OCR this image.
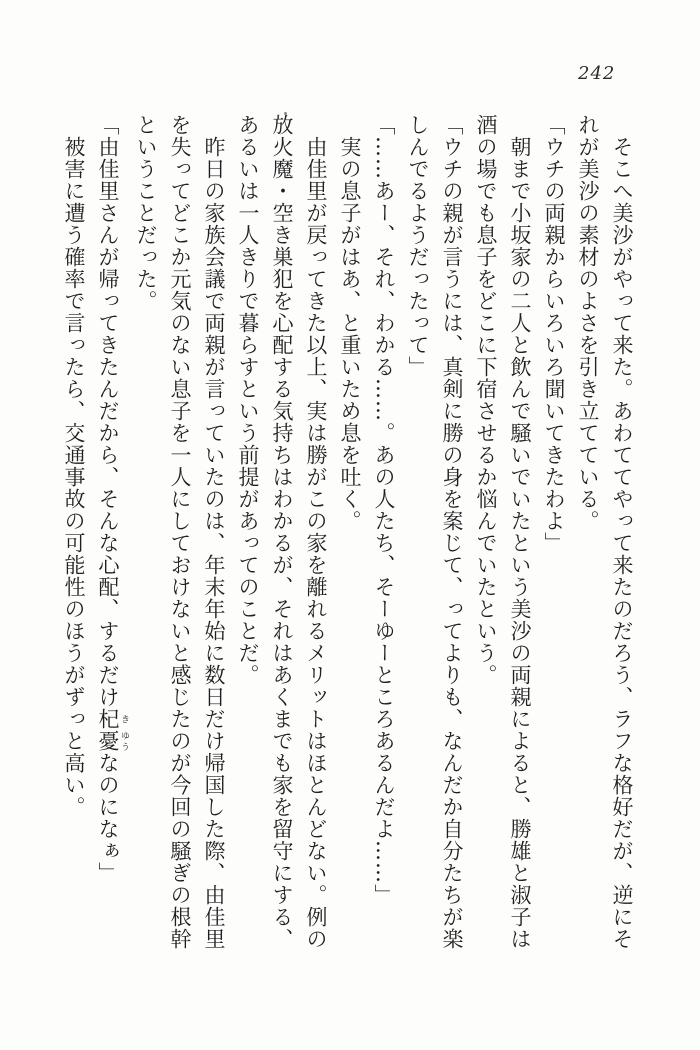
242

そこへ美沙がやって来た。あわててやって来たのだろう、ラフな格好だが、逆にそれが美沙の素材のよさを引き立てている。

「ウチの両親からいろいろ聞いてきたわよ」

朝まで小坂家の二人と飲んで騒いでいたという美沙の両親によると、勝雄と淑子は酒の場でも息子をどこに下宿させるか悩んでいたという。

「ウチの親が言うには、真剣に勝の身を案じて、ってよりも、なんだか自分たちが楽しんでるようだったって」

「……あー、それ、わかる……。あの人たち、そーゆーところあるんだよ……」

実の息子がはあ、と重いため息を吐く。

由佳里が戻ってきた以上、実は勝がこの家を離れるメリットはほとんどない。例の放火魔・空き巣犯を心配する気持ちはわかるが、それはあくまでも家を留守にする、あるいは一人きりで暮らすという前提があってのことだ。

昨日の家族会議で両親が言っていたのは、年末年始に数日だけ帰国した際、由佳里を失ってどこか元気のない息子を一人にしておけないと感じたのが今回の騒ぎの根幹ということだった。

「由佳里さんが帰ってきたんだから、そんな心配、するだけ杞 き憂 ゆうなのになぁ」

被害に遭う確率で言ったら、交通事故の可能性のほうがずっと高い。
